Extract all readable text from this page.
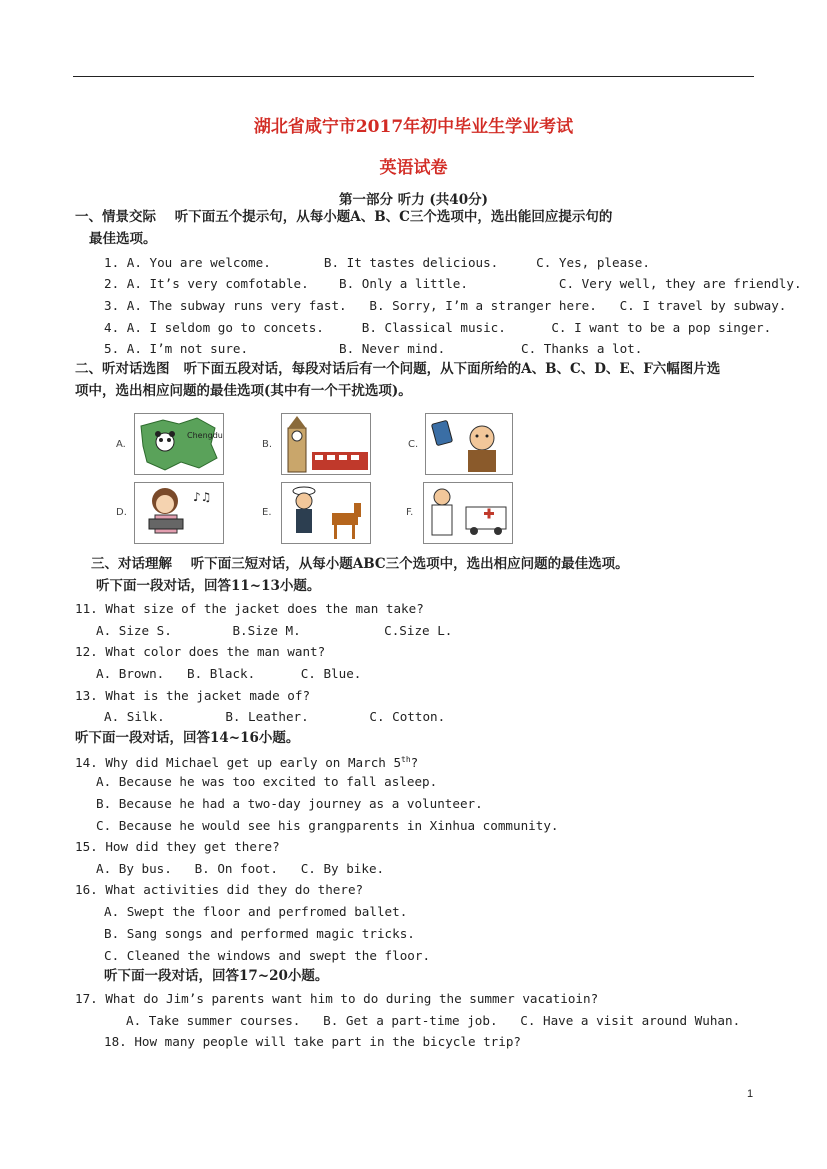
湖北省咸宁市2017年初中毕业生学业考试
英语试卷
第一部分 听力 (共40分)
一、情景交际    听下面五个提示句，从每小题A、B、C三个选项中，选出能回应提示句的
最佳选项。
1. A. You are welcome.       B. It tastes delicious.     C. Yes, please.
2. A. It’s very comfotable.    B. Only a little.            C. Very well, they are friendly.
3. A. The subway runs very fast.   B. Sorry, I’m a stranger here.   C. I travel by subway.
4. A. I seldom go to concets.     B. Classical music.      C. I want to be a pop singer.
5. A. I’m not sure.            B. Never mind.          C. Thanks a lot.
二、听对话选图   听下面五段对话，每段对话后有一个问题，从下面所给的A、B、C、D、E、F六幅图片选
项中，选出相应问题的最佳选项(其中有一个干扰选项)。
A.
Chengdu
B.	C.
D.
♪♫
E.	F.
三、对话理解    听下面三短对话，从每小题ABC三个选项中，选出相应问题的最佳选项。
听下面一段对话，回答11~13小题。
11. What size of the jacket does the man take?
A. Size S.        B.Size M.           C.Size L.
12. What color does the man want?
A. Brown.   B. Black.      C. Blue.
13. What is the jacket made of?
A. Silk.        B. Leather.        C. Cotton.
听下面一段对话，回答14~16小题。
14. Why did Michael get up early on March 5th?
A. Because he was too excited to fall asleep.
B. Because he had a two-day journey as a volunteer.
C. Because he would see his grangparents in Xinhua community.
15. How did they get there?
A. By bus.   B. On foot.   C. By bike.
16. What activities did they do there?
A. Swept the floor and perfromed ballet.
B. Sang songs and performed magic tricks.
C. Cleaned the windows and swept the floor.
听下面一段对话，回答17~20小题。
17. What do Jim’s parents want him to do during the summer vacatioin?
A. Take summer courses.   B. Get a part-time job.   C. Have a visit around Wuhan.
18. How many people will take part in the bicycle trip?
1
